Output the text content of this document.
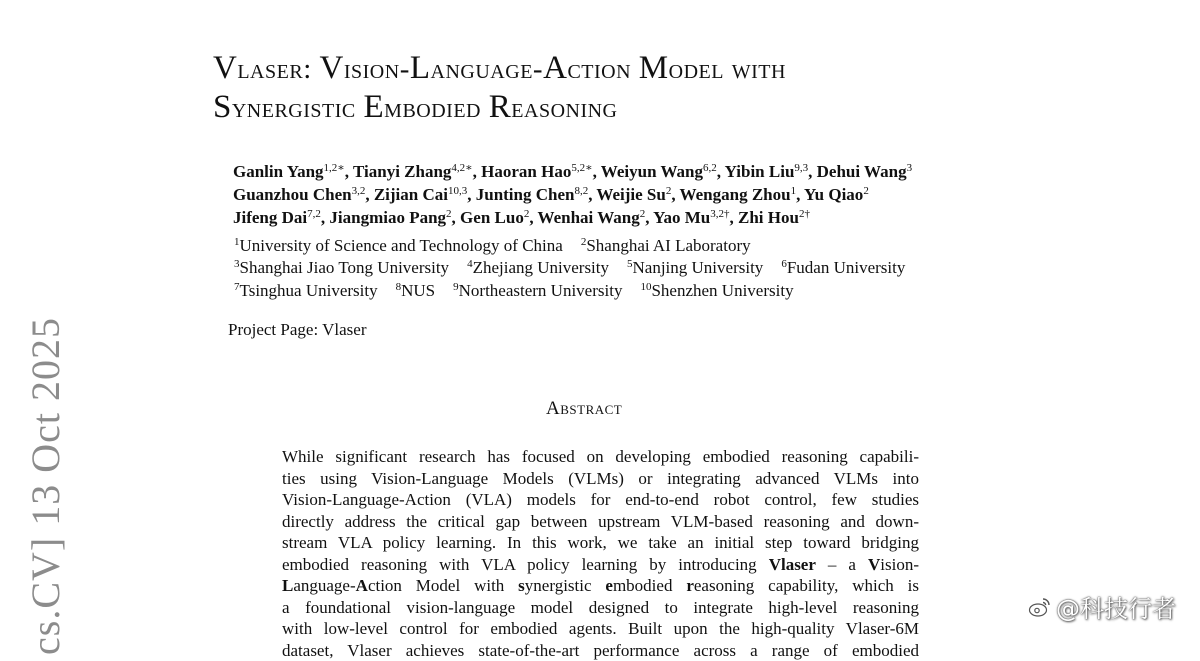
Vlaser: Vision-Language-Action Model with
Synergistic Embodied Reasoning
Ganlin Yang$^{1,2∗}$, Tianyi Zhang$^{4,2∗}$, Haoran Hao$^{5,2∗}$, Weiyun Wang$^{6,2}$, Yibin Liu$^{9,3}$, Dehui Wang$^3$
Guanzhou Chen$^{3,2}$, Zijian Cai$^{10,3}$, Junting Chen$^{8,2}$, Weijie Su$^2$, Wengang Zhou$^1$, Yu Qiao$^2$
Jifeng Dai$^{7,2}$, Jiangmiao Pang$^2$, Gen Luo$^2$, Wenhai Wang$^2$, Yao $Mu^{3,2\dagger}$, Zhi Hou$^{2\dagger}$
$^1$University of Science and Technology of China $^2$Shanghai AI Laboratory
$^3$Shanghai Jiao Tong University $^4$Zhejiang University $^5$Nanjing University $^6$Fudan University
$^7$Tsinghua University $^8$NUS $^9$Northeastern University $^{10}$Shenzhen University
Project Page: Vlaser
Abstract
While significant research has focused on developing embodied reasoning capabili-
ties using Vision-Language Models (VLMs) or integrating advanced VLMs into
Vision-Language-Action (VLA) models for end-to-end robot control, few studies
directly address the critical gap between upstream VLM-based reasoning and down-
stream VLA policy learning. In this work, we take an initial step toward bridging
embodied reasoning with VLA policy learning by introducing Vlaser – a Vision-
Language-Action Model with synergistic embodied reasoning capability, which is
a foundational vision-language model designed to integrate high-level reasoning
with low-level control for embodied agents. Built upon the high-quality Vlaser-6M
dataset, Vlaser achieves state-of-the-art performance across a range of embodied
cs.CV] 13 Oct 2025	@科技行者
